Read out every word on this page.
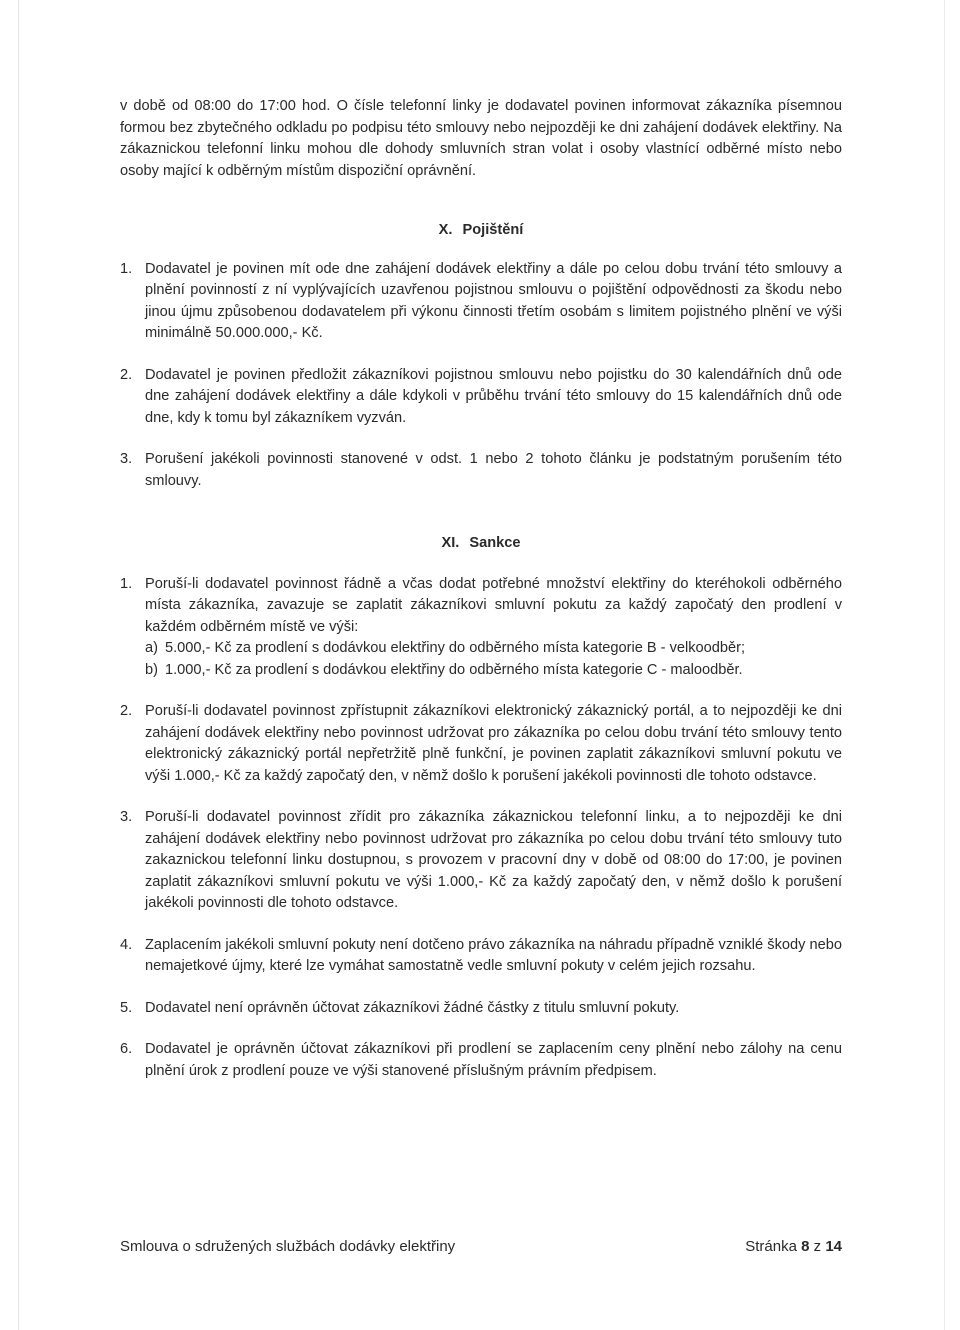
v době od 08:00 do 17:00 hod. O čísle telefonní linky je dodavatel povinen informovat zákazníka písemnou formou bez zbytečného odkladu po podpisu této smlouvy nebo nejpozději ke dni zahájení dodávek elektřiny. Na zákaznickou telefonní linku mohou dle dohody smluvních stran volat i osoby vlastnící odběrné místo nebo osoby mající k odběrným místům dispoziční oprávnění.

X. Pojištění

1. Dodavatel je povinen mít ode dne zahájení dodávek elektřiny a dále po celou dobu trvání této smlouvy a plnění povinností z ní vyplývajících uzavřenou pojistnou smlouvu o pojištění odpovědnosti za škodu nebo jinou újmu způsobenou dodavatelem při výkonu činnosti třetím osobám s limitem pojistného plnění ve výši minimálně 50.000.000,- Kč.
2. Dodavatel je povinen předložit zákazníkovi pojistnou smlouvu nebo pojistku do 30 kalendářních dnů ode dne zahájení dodávek elektřiny a dále kdykoli v průběhu trvání této smlouvy do 15 kalendářních dnů ode dne, kdy k tomu byl zákazníkem vyzván.
3. Porušení jakékoli povinnosti stanovené v odst. 1 nebo 2 tohoto článku je podstatným porušením této smlouvy.

XI. Sankce

1. Poruší-li dodavatel povinnost řádně a včas dodat potřebné množství elektřiny do kteréhokoli odběrného místa zákazníka, zavazuje se zaplatit zákazníkovi smluvní pokutu za každý započatý den prodlení v každém odběrném místě ve výši:
a) 5.000,- Kč za prodlení s dodávkou elektřiny do odběrného místa kategorie B - velkoodběr;
b) 1.000,- Kč za prodlení s dodávkou elektřiny do odběrného místa kategorie C - maloodběr.
2. Poruší-li dodavatel povinnost zpřístupnit zákazníkovi elektronický zákaznický portál, a to nejpozději ke dni zahájení dodávek elektřiny nebo povinnost udržovat pro zákazníka po celou dobu trvání této smlouvy tento elektronický zákaznický portál nepřetržitě plně funkční, je povinen zaplatit zákazníkovi smluvní pokutu ve výši 1.000,- Kč za každý započatý den, v němž došlo k porušení jakékoli povinnosti dle tohoto odstavce.
3. Poruší-li dodavatel povinnost zřídit pro zákazníka zákaznickou telefonní linku, a to nejpozději ke dni zahájení dodávek elektřiny nebo povinnost udržovat pro zákazníka po celou dobu trvání této smlouvy tuto zakaznickou telefonní linku dostupnou, s provozem v pracovní dny v době od 08:00 do 17:00, je povinen zaplatit zákazníkovi smluvní pokutu ve výši 1.000,- Kč za každý započatý den, v němž došlo k porušení jakékoli povinnosti dle tohoto odstavce.
4. Zaplacením jakékoli smluvní pokuty není dotčeno právo zákazníka na náhradu případně vzniklé škody nebo nemajetkové újmy, které lze vymáhat samostatně vedle smluvní pokuty v celém jejich rozsahu.
5. Dodavatel není oprávněn účtovat zákazníkovi žádné částky z titulu smluvní pokuty.
6. Dodavatel je oprávněn účtovat zákazníkovi při prodlení se zaplacením ceny plnění nebo zálohy na cenu plnění úrok z prodlení pouze ve výši stanovené příslušným právním předpisem.
Smlouva o sdružených službách dodávky elektřiny	Stránka 8 z 14
